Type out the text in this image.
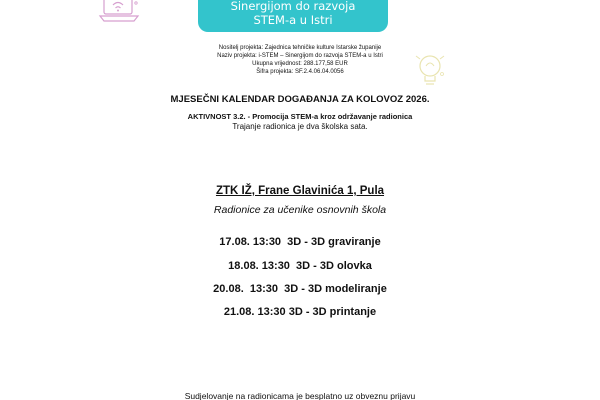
Sinergijom do razvoja
STEM-a u Istri
Nositelj projekta: Zajednica tehničke kulture Istarske županije
Naziv projekta: i-STEM – Sinergijom do razvoja STEM-a u Istri
Ukupna vrijednost: 288.177,58 EUR
Šifra projekta: SF.2.4.06.04.0056
MJESEČNI KALENDAR DOGAĐANJA ZA KOLOVOZ 2026.
AKTIVNOST 3.2. - Promocija STEM-a kroz održavanje radionica
Trajanje radionica je dva školska sata.
ZTK IŽ, Frane Glavinića 1, Pula
Radionice za učenike osnovnih škola
17.08. 13:30  3D - 3D graviranje
18.08. 13:30  3D - 3D olovka
20.08.  13:30  3D - 3D modeliranje
21.08. 13:30 3D - 3D printanje
Sudjelovanje na radionicama je besplatno uz obveznu prijavu
